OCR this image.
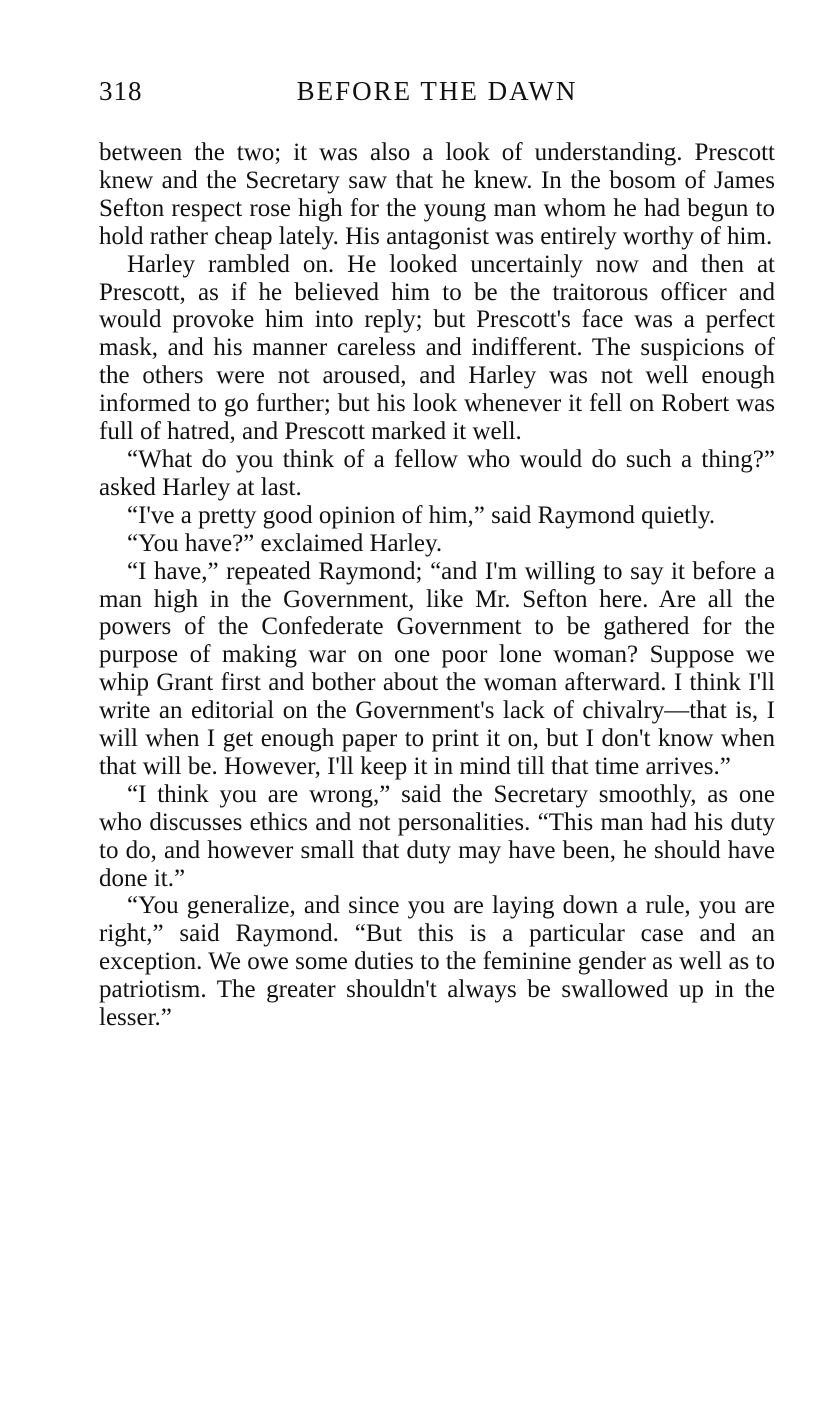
318	BEFORE THE DAWN

between the two; it was also a look of understanding. Prescott knew and the Secretary saw that he knew. In the bosom of James Sefton respect rose high for the young man whom he had begun to hold rather cheap lately. His antagonist was entirely worthy of him.

Harley rambled on. He looked uncertainly now and then at Prescott, as if he believed him to be the traitorous officer and would provoke him into reply; but Prescott's face was a perfect mask, and his manner careless and indifferent. The suspicions of the others were not aroused, and Harley was not well enough informed to go further; but his look whenever it fell on Robert was full of hatred, and Prescott marked it well.

“What do you think of a fellow who would do such a thing?” asked Harley at last.

“I've a pretty good opinion of him,” said Raymond quietly.

“You have?” exclaimed Harley.

“I have,” repeated Raymond; “and I'm willing to say it before a man high in the Government, like Mr. Sefton here. Are all the powers of the Confederate Government to be gathered for the purpose of making war on one poor lone woman? Suppose we whip Grant first and bother about the woman afterward. I think I'll write an editorial on the Government's lack of chivalry—that is, I will when I get enough paper to print it on, but I don't know when that will be. However, I'll keep it in mind till that time arrives.”

“I think you are wrong,” said the Secretary smoothly, as one who discusses ethics and not personalities. “This man had his duty to do, and however small that duty may have been, he should have done it.”

“You generalize, and since you are laying down a rule, you are right,” said Raymond. “But this is a particular case and an exception. We owe some duties to the feminine gender as well as to patriotism. The greater shouldn't always be swallowed up in the lesser.”
